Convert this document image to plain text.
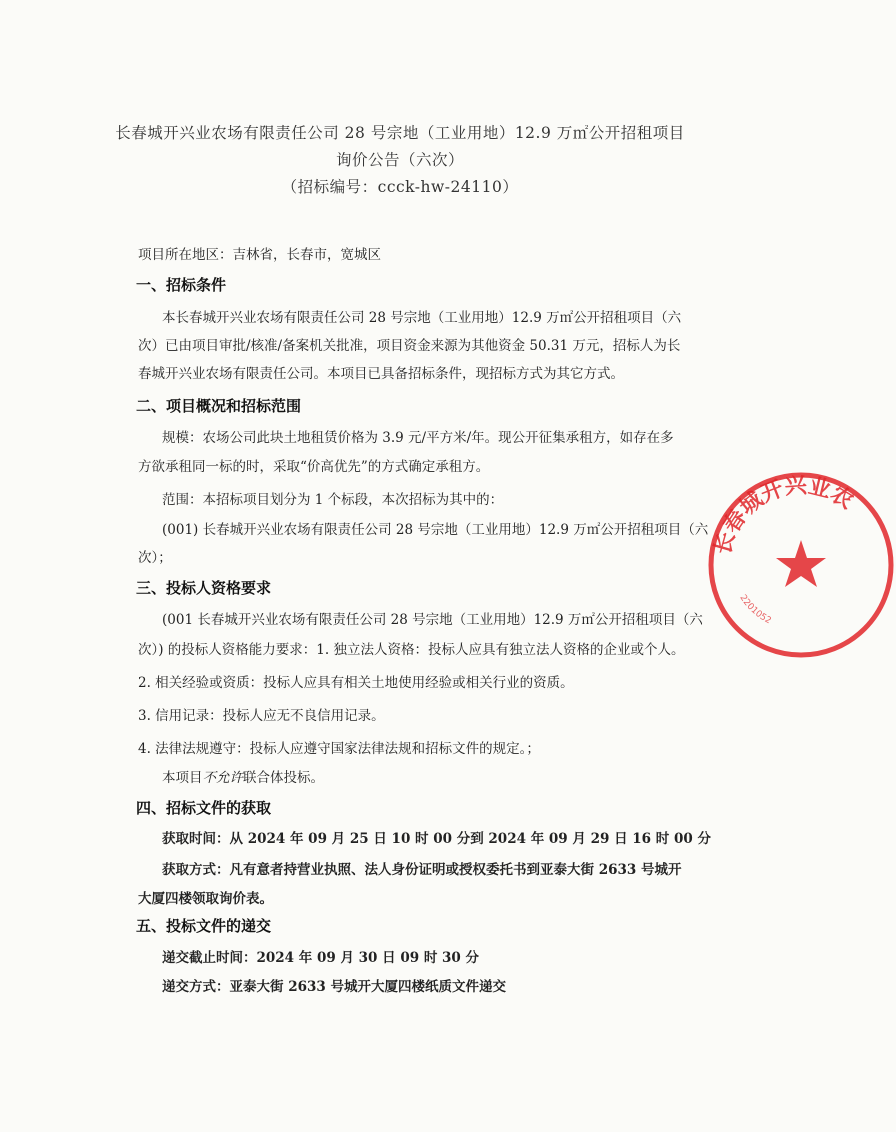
长春城开兴业农场有限责任公司 28 号宗地（工业用地）12.9 万㎡公开招租项目
询价公告（六次）
（招标编号：ccck-hw-24110）
项目所在地区：吉林省，长春市，宽城区
一、招标条件
本长春城开兴业农场有限责任公司 28 号宗地（工业用地）12.9 万㎡公开招租项目（六
次）已由项目审批/核准/备案机关批准，项目资金来源为其他资金 50.31 万元，招标人为长
春城开兴业农场有限责任公司。本项目已具备招标条件，现招标方式为其它方式。
二、项目概况和招标范围
规模：农场公司此块土地租赁价格为 3.9 元/平方米/年。现公开征集承租方，如存在多
方欲承租同一标的时，采取“价高优先”的方式确定承租方。
范围：本招标项目划分为 1 个标段，本次招标为其中的：
(001) 长春城开兴业农场有限责任公司 28 号宗地（工业用地）12.9 万㎡公开招租项目（六
次）；
三、投标人资格要求
(001 长春城开兴业农场有限责任公司 28 号宗地（工业用地）12.9 万㎡公开招租项目（六
次）) 的投标人资格能力要求：1. 独立法人资格：投标人应具有独立法人资格的企业或个人。
2. 相关经验或资质：投标人应具有相关土地使用经验或相关行业的资质。
3. 信用记录：投标人应无不良信用记录。
4. 法律法规遵守：投标人应遵守国家法律法规和招标文件的规定。；
本项目不允许联合体投标。
四、招标文件的获取
获取时间：从 2024 年 09 月 25 日 10 时 00 分到 2024 年 09 月 29 日 16 时 00 分
获取方式：凡有意者持营业执照、法人身份证明或授权委托书到亚泰大街 2633 号城开
大厦四楼领取询价表。
五、投标文件的递交
递交截止时间：2024 年 09 月 30 日 09 时 30 分
递交方式：亚泰大街 2633 号城开大厦四楼纸质文件递交
长春城开兴业农
2201052
